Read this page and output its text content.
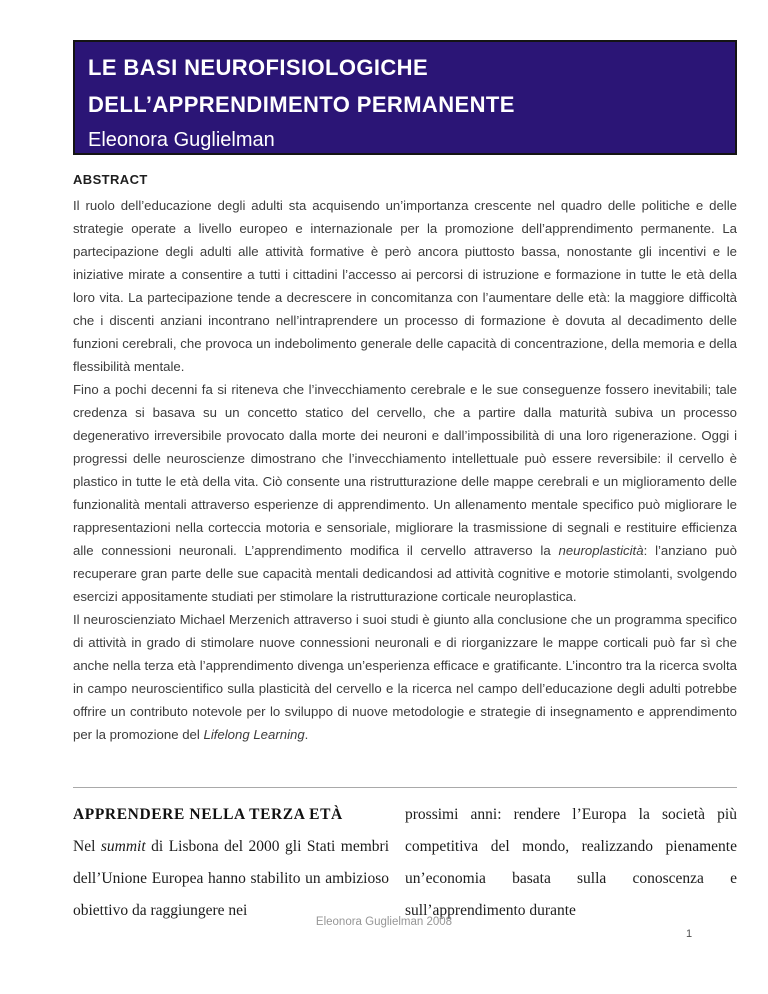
LE BASI NEUROFISIOLOGICHE
DELL’APPRENDIMENTO PERMANENTE
Eleonora Guglielman
ABSTRACT

Il ruolo dell’educazione degli adulti sta acquisendo un’importanza crescente nel quadro delle politiche e delle strategie operate a livello europeo e internazionale per la promozione dell’apprendimento permanente. La partecipazione degli adulti alle attività formative è però ancora piuttosto bassa, nonostante gli incentivi e le iniziative mirate a consentire a tutti i cittadini l’accesso ai percorsi di istruzione e formazione in tutte le età della loro vita. La partecipazione tende a decrescere in concomitanza con l’aumentare delle età: la maggiore difficoltà che i discenti anziani incontrano nell’intraprendere un processo di formazione è dovuta al decadimento delle funzioni cerebrali, che provoca un indebolimento generale delle capacità di concentrazione, della memoria e della flessibilità mentale.

Fino a pochi decenni fa si riteneva che l’invecchiamento cerebrale e le sue conseguenze fossero inevitabili; tale credenza si basava su un concetto statico del cervello, che a partire dalla maturità subiva un processo degenerativo irreversibile provocato dalla morte dei neuroni e dall’impossibilità di una loro rigenerazione. Oggi i progressi delle neuroscienze dimostrano che l’invecchiamento intellettuale può essere reversibile: il cervello è plastico in tutte le età della vita. Ciò consente una ristrutturazione delle mappe cerebrali e un miglioramento delle funzionalità mentali attraverso esperienze di apprendimento. Un allenamento mentale specifico può migliorare le rappresentazioni nella corteccia motoria e sensoriale, migliorare la trasmissione di segnali e restituire efficienza alle connessioni neuronali. L’apprendimento modifica il cervello attraverso la neuroplasticità: l’anziano può recuperare gran parte delle sue capacità mentali dedicandosi ad attività cognitive e motorie stimolanti, svolgendo esercizi appositamente studiati per stimolare la ristrutturazione corticale neuroplastica.

Il neuroscienziato Michael Merzenich attraverso i suoi studi è giunto alla conclusione che un programma specifico di attività in grado di stimolare nuove connessioni neuronali e di riorganizzare le mappe corticali può far sì che anche nella terza età l’apprendimento divenga un’esperienza efficace e gratificante. L’incontro tra la ricerca svolta in campo neuroscientifico sulla plasticità del cervello e la ricerca nel campo dell’educazione degli adulti potrebbe offrire un contributo notevole per lo sviluppo di nuove metodologie e strategie di insegnamento e apprendimento per la promozione del Lifelong Learning.

APPRENDERE NELLA TERZA ETÀ

Nel summit di Lisbona del 2000 gli Stati membri dell’Unione Europea hanno stabilito un ambizioso obiettivo da raggiungere nei

prossimi anni: rendere l’Europa la società più competitiva del mondo, realizzando pienamente un’economia basata sulla conoscenza e sull’apprendimento durante

Eleonora Guglielman 2008
1
